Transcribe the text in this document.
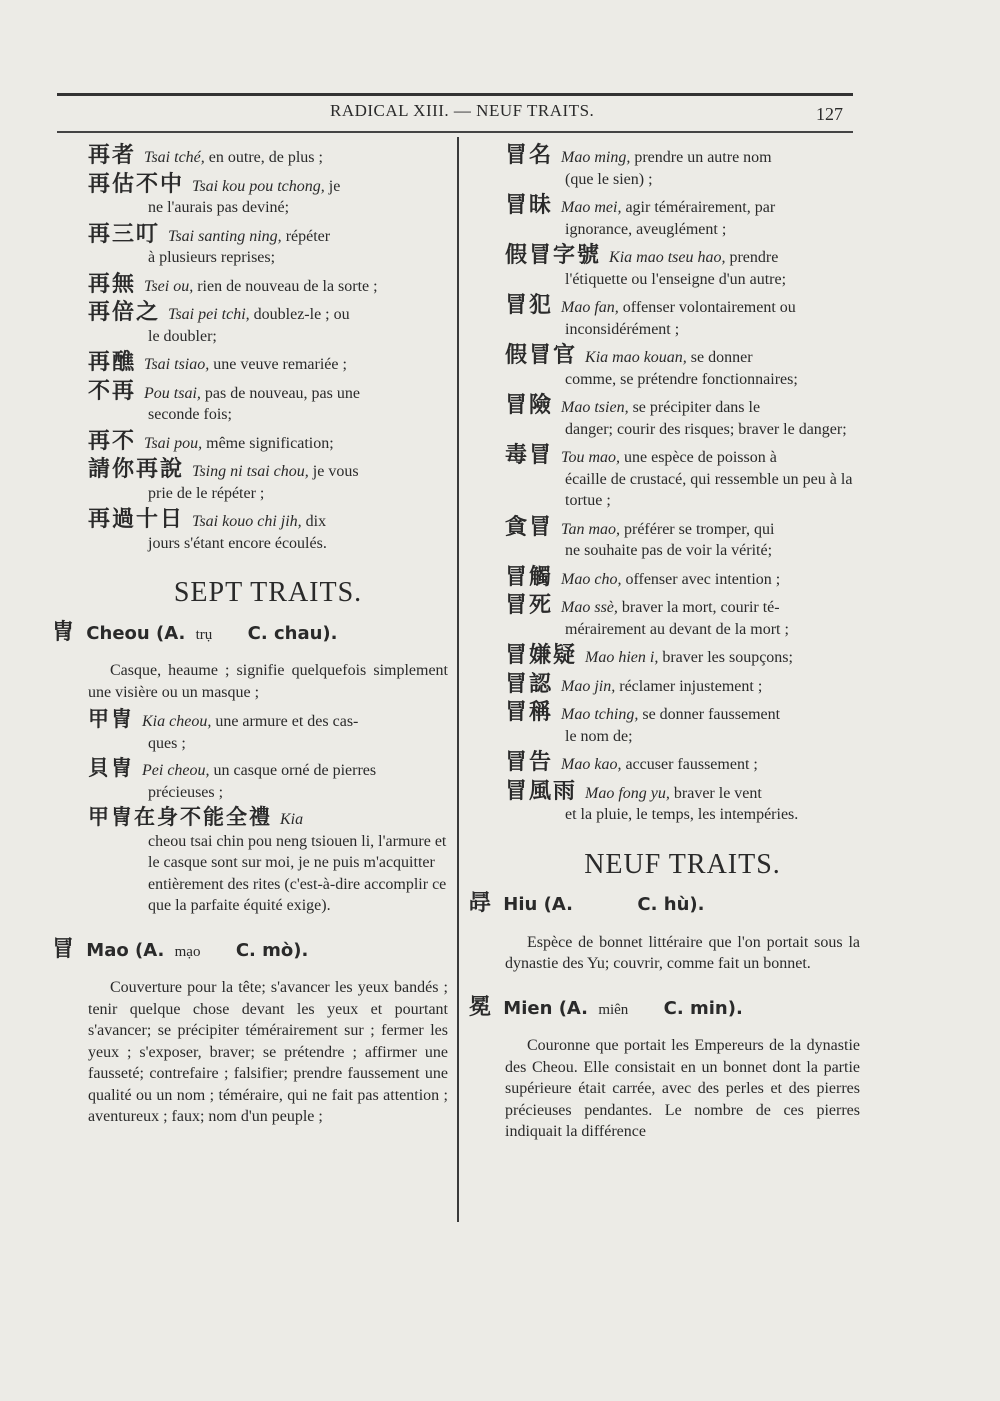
RADICAL XIII. — NEUF TRAITS.	127
再者 Tsai tché, en outre, de plus ;
再估不中 Tsai kou pou tchong, je
ne l'aurais pas deviné;
再三叮 Tsai santing ning, répéter
à plusieurs reprises;
再無 Tsei ou, rien de nouveau de la sorte ;
再倍之 Tsai pei tchi, doublez-le ; ou
le doubler;
再醮 Tsai tsiao, une veuve remariée ;
不再 Pou tsai, pas de nouveau, pas une
seconde fois;
再不 Tsai pou, même signification;
請你再說 Tsing ni tsai chou, je vous
prie de le répéter ;
再過十日 Tsai kouo chi jih, dix
jours s'étant encore écoulés.
SEPT TRAITS.
冑 Cheou (A. trụ C. chau).

Casque, heaume ; signifie quelquefois simplement une visière ou un masque ;

甲冑 Kia cheou, une armure et des cas-
ques ;
貝冑 Pei cheou, un casque orné de pierres
précieuses ;
甲冑在身不能全禮 Kia
cheou tsai chin pou neng tsiouen li, l'armure et le casque sont sur moi, je ne puis m'acquitter entièrement des rites (c'est-à-dire accomplir ce que la parfaite équité exige).
冒 Mao (A. mạo C. mò).

Couverture pour la tête; s'avancer les yeux bandés ; tenir quelque chose devant les yeux et pourtant s'avancer; se précipiter témérairement sur ; fermer les yeux ; s'exposer, braver; se prétendre ; affirmer une fausseté; contrefaire ; falsifier; prendre faussement une qualité ou un nom ; téméraire, qui ne fait pas attention ; aventureux ; faux; nom d'un peuple ;

冒名 Mao ming, prendre un autre nom
(que le sien) ;
冒昧 Mao mei, agir témérairement, par
ignorance, aveuglément ;
假冒字號 Kia mao tseu hao, prendre
l'étiquette ou l'enseigne d'un autre;
冒犯 Mao fan, offenser volontairement ou
inconsidérément ;
假冒官 Kia mao kouan, se donner
comme, se prétendre fonctionnaires;
冒險 Mao tsien, se précipiter dans le
danger; courir des risques; braver le danger;
毒冒 Tou mao, une espèce de poisson à
écaille de crustacé, qui ressemble un peu à la tortue ;
貪冒 Tan mao, préférer se tromper, qui
ne souhaite pas de voir la vérité;
冒觸 Mao cho, offenser avec intention ;
冒死 Mao ssè, braver la mort, courir té-
mérairement au devant de la mort ;
冒嫌疑 Mao hien i, braver les soupçons;
冒認 Mao jin, réclamer injustement ;
冒稱 Mao tching, se donner faussement
le nom de;
冒告 Mao kao, accuser faussement ;
冒風雨 Mao fong yu, braver le vent
et la pluie, le temps, les intempéries.
NEUF TRAITS.
冔 Hiu (A.	C. hù).

Espèce de bonnet littéraire que l'on portait sous la dynastie des Yu; couvrir, comme fait un bonnet.

冕 Mien (A. miên C. min).

Couronne que portait les Empereurs de la dynastie des Cheou. Elle consistait en un bonnet dont la partie supérieure était carrée, avec des perles et des pierres précieuses pendantes. Le nombre de ces pierres indiquait la différence
